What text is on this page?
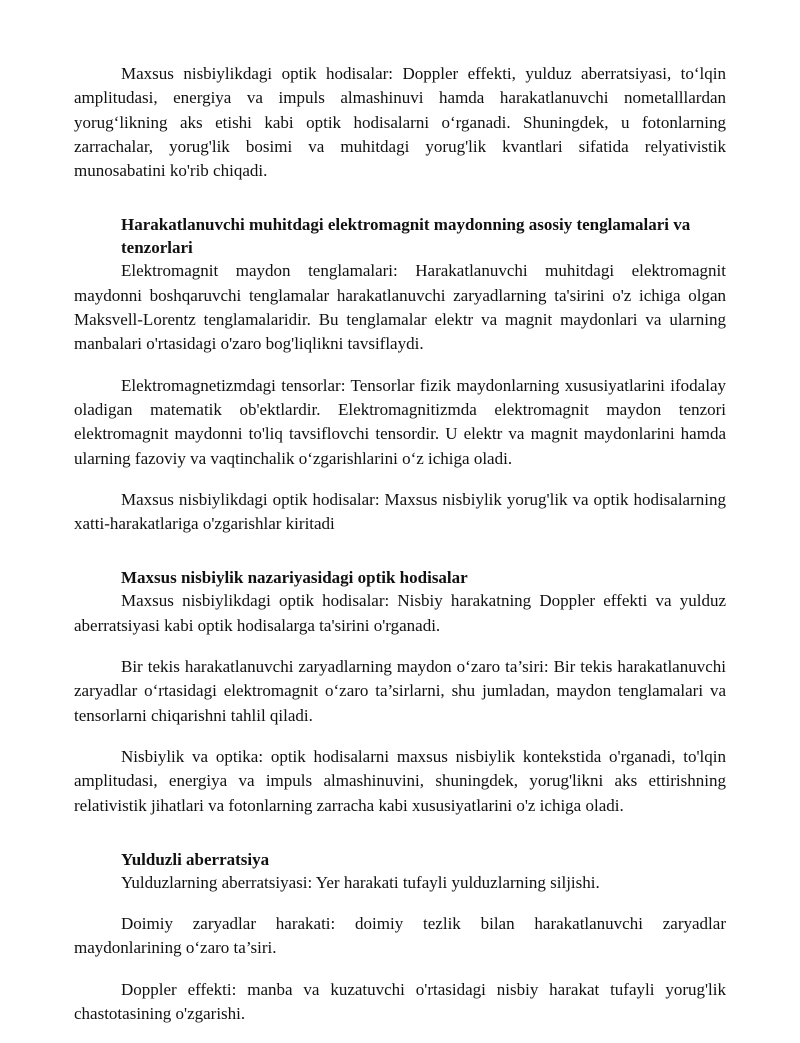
Maxsus nisbiylikdagi optik hodisalar: Doppler effekti, yulduz aberratsiyasi, to‘lqin amplitudasi, energiya va impuls almashinuvi hamda harakatlanuvchi nometalllardan yorug‘likning aks etishi kabi optik hodisalarni o‘rganadi. Shuningdek, u fotonlarning zarrachalar, yorug'lik bosimi va muhitdagi yorug'lik kvantlari sifatida relyativistik munosabatini ko'rib chiqadi.

Harakatlanuvchi muhitdagi elektromagnit maydonning asosiy tenglamalari va tenzorlari

Elektromagnit maydon tenglamalari: Harakatlanuvchi muhitdagi elektromagnit maydonni boshqaruvchi tenglamalar harakatlanuvchi zaryadlarning ta'sirini o'z ichiga olgan Maksvell-Lorentz tenglamalaridir. Bu tenglamalar elektr va magnit maydonlari va ularning manbalari o'rtasidagi o'zaro bog'liqlikni tavsiflaydi.

Elektromagnetizmdagi tensorlar: Tensorlar fizik maydonlarning xususiyatlarini ifodalay oladigan matematik ob'ektlardir. Elektromagnitizmda elektromagnit maydon tenzori elektromagnit maydonni to'liq tavsiflovchi tensordir. U elektr va magnit maydonlarini hamda ularning fazoviy va vaqtinchalik o‘zgarishlarini o‘z ichiga oladi.

Maxsus nisbiylikdagi optik hodisalar: Maxsus nisbiylik yorug'lik va optik hodisalarning xatti-harakatlariga o'zgarishlar kiritadi

Maxsus nisbiylik nazariyasidagi optik hodisalar

Maxsus nisbiylikdagi optik hodisalar: Nisbiy harakatning Doppler effekti va yulduz aberratsiyasi kabi optik hodisalarga ta'sirini o'rganadi.

Bir tekis harakatlanuvchi zaryadlarning maydon o‘zaro ta’siri: Bir tekis harakatlanuvchi zaryadlar o‘rtasidagi elektromagnit o‘zaro ta’sirlarni, shu jumladan, maydon tenglamalari va tensorlarni chiqarishni tahlil qiladi.

Nisbiylik va optika: optik hodisalarni maxsus nisbiylik kontekstida o'rganadi, to'lqin amplitudasi, energiya va impuls almashinuvini, shuningdek, yorug'likni aks ettirishning relativistik jihatlari va fotonlarning zarracha kabi xususiyatlarini o'z ichiga oladi.

Yulduzli aberratsiya

Yulduzlarning aberratsiyasi: Yer harakati tufayli yulduzlarning siljishi.

Doimiy zaryadlar harakati: doimiy tezlik bilan harakatlanuvchi zaryadlar maydonlarining o‘zaro ta’siri.

Doppler effekti: manba va kuzatuvchi o'rtasidagi nisbiy harakat tufayli yorug'lik chastotasining o'zgarishi.
